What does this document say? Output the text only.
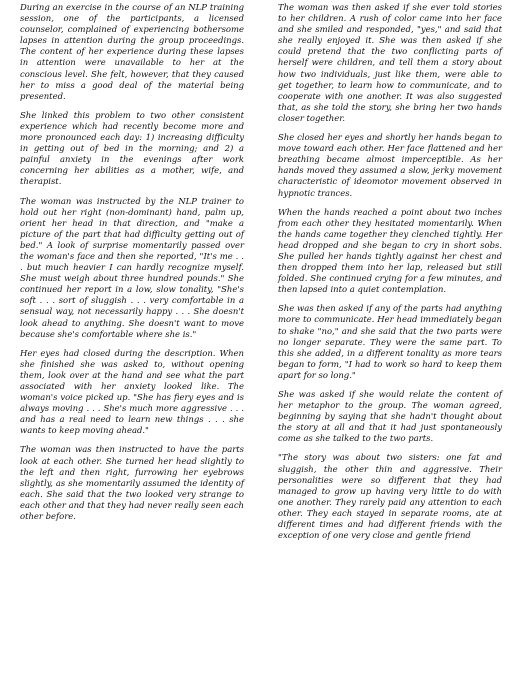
During an exercise in the course of an NLP training session, one of the participants, a licensed counselor, complained of experiencing bothersome lapses in attention during the group proceedings. The content of her experience during these lapses in attention were unavailable to her at the conscious level. She felt, however, that they caused her to miss a good deal of the material being presented.

She linked this problem to two other consistent experience which had recently become more and more pronounced each day: 1) increasing difficulty in getting out of bed in the morning; and 2) a painful anxiety in the evenings after work concerning her abilities as a mother, wife, and therapist.

The woman was instructed by the NLP trainer to hold out her right (non-dominant) hand, palm up, orient her head in that direction, and "make a picture of the part that had difficulty getting out of bed." A look of surprise momentarily passed over the woman's face and then she reported, "It's me . . . but much heavier I can hardly recognize myself. She must weigh about three hundred pounds." She continued her report in a low, slow tonality, "She's soft . . . sort of sluggish . . . very comfortable in a sensual way, not necessarily happy . . . She doesn't look ahead to anything. She doesn't want to move because she's comfortable where she is."

Her eyes had closed during the description. When she finished she was asked to, without opening them, look over at the hand and see what the part associated with her anxiety looked like. The woman's voice picked up. "She has fiery eyes and is always moving . . . She's much more aggressive . . . and has a real need to learn new things . . . she wants to keep moving ahead."

The woman was then instructed to have the parts look at each other. She turned her head slightly to the left and then right, furrowing her eyebrows slightly, as she momentarily assumed the identity of each. She said that the two looked very strange to each other and that they had never really seen each other before.

The woman was then asked if she ever told stories to her children. A rush of color came into her face and she smiled and responded, "yes," and said that she really enjoyed it. She was then asked if she could pretend that the two conflicting parts of herself were children, and tell them a story about how two individuals, just like them, were able to get together, to learn how to communicate, and to cooperate with one another. It was also suggested that, as she told the story, she bring her two hands closer together.

She closed her eyes and shortly her hands began to move toward each other. Her face flattened and her breathing became almost imperceptible. As her hands moved they assumed a slow, jerky movement characteristic of ideomotor movement observed in hypnotic trances.

When the hands reached a point about two inches from each other they hesitated momentarily. When the hands came together they clenched tightly. Her head dropped and she began to cry in short sobs. She pulled her hands tightly against her chest and then dropped them into her lap, released but still folded. She continued crying for a few minutes, and then lapsed into a quiet contemplation.

She was then asked if any of the parts had anything more to communicate. Her head immediately began to shake "no," and she said that the two parts were no longer separate. They were the same part. To this she added, in a different tonality as more tears began to form, "I had to work so hard to keep them apart for so long."

She was asked if she would relate the content of her metaphor to the group. The woman agreed, beginning by saying that she hadn't thought about the story at all and that it had just spontaneously come as she talked to the two parts.

"The story was about two sisters: one fat and sluggish, the other thin and aggressive. Their personalities were so different that they had managed to grow up having very little to do with one another. They rarely paid any attention to each other. They each stayed in separate rooms, ate at different times and had different friends with the exception of one very close and gentle friend
